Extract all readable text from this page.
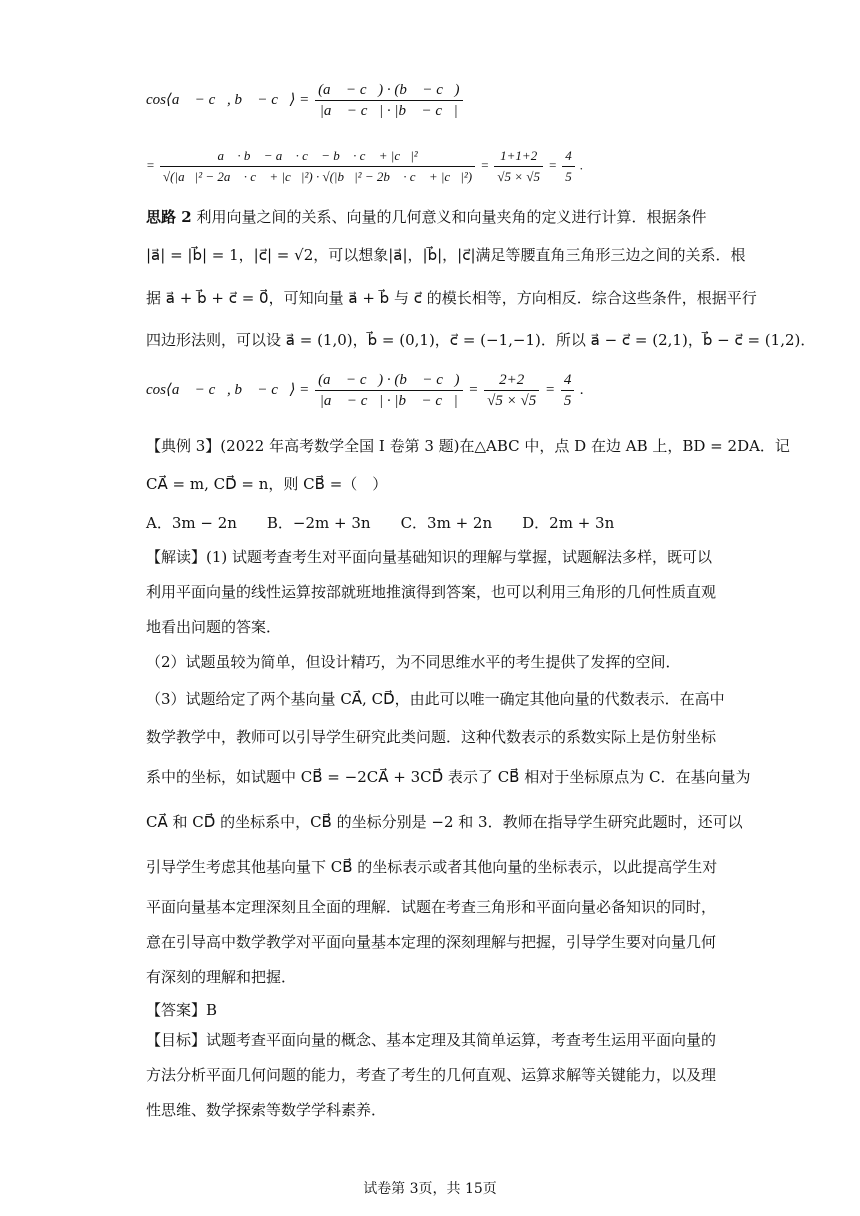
cos⟨a⃗ − c⃗, b⃗ − c⃗⟩ = $\frac{(a⃗ - c⃗) \cdot (b⃗ - c⃗)}{|a⃗ - c⃗| \cdot |b⃗ - c⃗|}$
= $\frac{\text{a⃗ · b⃗ − a⃗ · c⃗ − b⃗ · c⃗ + |c⃗|²}}{\text{√(|a⃗|² − 2a⃗ · c⃗ + |c⃗|²) · √(|b⃗|² − 2b⃗ · c⃗ + |c⃗|²)}} = \frac{1+1+2}{√5 \times √5} = \frac{4}{5}$ .
思路 2 利用向量之间的关系、向量的几何意义和向量夹角的定义进行计算．根据条件
|a⃗| = |b⃗| = 1，|c⃗| = √2，可以想象|a⃗|，|b⃗|，|c⃗|满足等腰直角三角形三边之间的关系．根
据 a⃗ + b⃗ + c⃗ = 0⃗，可知向量 a⃗ + b⃗ 与 c⃗ 的模长相等，方向相反．综合这些条件，根据平行
四边形法则，可以设 a⃗ = (1,0)，b⃗ = (0,1)，c⃗ = (−1,−1)．所以 a⃗ − c⃗ = (2,1)，b⃗ − c⃗ = (1,2)．
cos⟨a⃗ − c⃗, b⃗ − c⃗⟩ = $\frac{(a⃗ - c⃗) \cdot (b⃗ - c⃗)}{|a⃗ - c⃗| \cdot |b⃗ - c⃗|} = \frac{2+2}{√5 \times √5} = \frac{4}{5}$ .
【典例 3】(2022 年高考数学全国 I 卷第 3 题)在△ABC 中，点 D 在边 AB 上，BD = 2DA．记
CA⃗ = m, CD⃗ = n，则 CB⃗ =（　）
A．3m − 2n　　B．−2m + 3n　　C．3m + 2n　　D．2m + 3n
【解读】(1) 试题考查考生对平面向量基础知识的理解与掌握，试题解法多样，既可以
利用平面向量的线性运算按部就班地推演得到答案，也可以利用三角形的几何性质直观
地看出问题的答案．
（2）试题虽较为简单，但设计精巧，为不同思维水平的考生提供了发挥的空间．
（3）试题给定了两个基向量 CA⃗, CD⃗，由此可以唯一确定其他向量的代数表示．在高中
数学教学中，教师可以引导学生研究此类问题．这种代数表示的系数实际上是仿射坐标
系中的坐标，如试题中 CB⃗ = −2CA⃗ + 3CD⃗ 表示了 CB⃗ 相对于坐标原点为 C．在基向量为
CA⃗ 和 CD⃗ 的坐标系中，CB⃗ 的坐标分别是 −2 和 3．教师在指导学生研究此题时，还可以
引导学生考虑其他基向量下 CB⃗ 的坐标表示或者其他向量的坐标表示，以此提高学生对
平面向量基本定理深刻且全面的理解．试题在考查三角形和平面向量必备知识的同时，
意在引导高中数学教学对平面向量基本定理的深刻理解与把握，引导学生要对向量几何
有深刻的理解和把握．
【答案】B
【目标】试题考查平面向量的概念、基本定理及其简单运算，考查考生运用平面向量的
方法分析平面几何问题的能力，考查了考生的几何直观、运算求解等关键能力，以及理
性思维、数学探索等数学学科素养．
试卷第 3页，共 15页
